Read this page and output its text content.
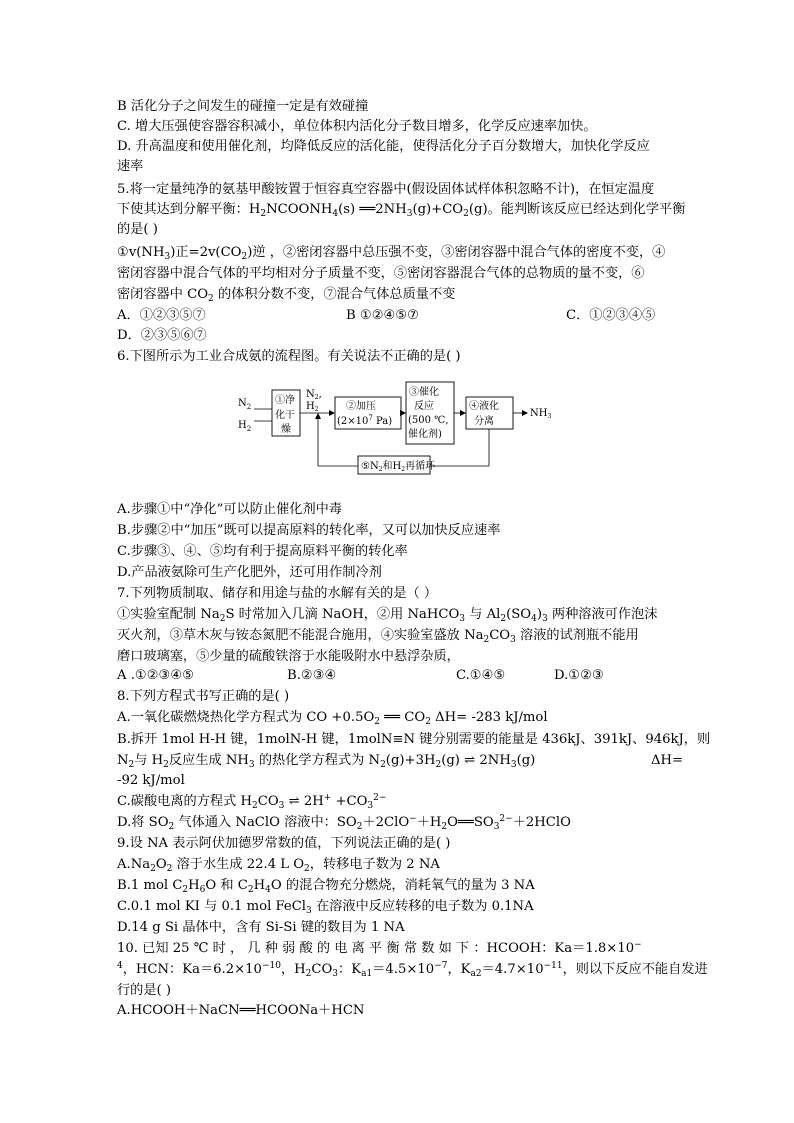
B 活化分子之间发生的碰撞一定是有效碰撞
C. 增大压强使容器容积减小，单位体积内活化分子数目增多，化学反应速率加快。
D. 升高温度和使用催化剂，均降低反应的活化能，使得活化分子百分数增大，加快化学反应
速率
5.将一定量纯净的氨基甲酸铵置于恒容真空容器中(假设固体试样体积忽略不计)，在恒定温度
下使其达到分解平衡：$H_2NCOONH_4(s)$ $══2NH_3(g)+CO_2(g)$。能判断该反应已经达到化学平衡
的是( )
$①v(NH_3)$正$=2v(CO_2)$逆 ，②密闭容器中总压强不变，③密闭容器中混合气体的密度不变，④
密闭容器中混合气体的平均相对分子质量不变，⑤密闭容器混合气体的总物质的量不变，⑥
密闭容器中 $CO_2$ 的体积分数不变，⑦混合气体总质量不变
A．①②③⑤⑦	B ①②④⑤⑦	C．①②③④⑤
D．②③⑤⑥⑦
6.下图所示为工业合成氨的流程图。有关说法不正确的是( )
$N_2$
$H_2$
①净
化干
燥
$N_2$,
$H_2$	②加压
($2\times 10^7$ Pa)
③催化
反应
(500 ℃,
催化剂)
④液化
分离
$NH_3$
$⑤N_2$和$H_2$再循环
A.步骤①中“净化”可以防止催化剂中毒
B.步骤②中“加压”既可以提高原料的转化率，又可以加快反应速率
C.步骤③、④、⑤均有利于提高原料平衡的转化率
D.产品液氨除可生产化肥外，还可用作制冷剂
7.下列物质制取、储存和用途与盐的水解有关的是（ ）
①实验室配制 $Na_2S$ 时常加入几滴 NaOH，②用 NaHCO$_3$ 与 $Al_2(SO_4)_3$ 两种溶液可作泡沫
灭火剂，③草木灰与铵态氮肥不能混合施用，④实验室盛放 $Na_2CO_3$ 溶液的试剂瓶不能用
磨口玻璃塞，⑤少量的硫酸铁溶于水能吸附水中悬浮杂质，
A .①②③④⑤	B.②③④	C.①④⑤	D.①②③
8.下列方程式书写正确的是( )
A.一氧化碳燃烧热化学方程式为 CO $+0.5O_2$ ══ $CO_2$ ΔH= -283 kJ/mol
B.拆开 1mol H-H 键，1molN-H 键，1molN≡N 键分别需要的能量是 436kJ、391kJ、946kJ，则
$N_2$与 $H_2$反应生成 $NH_3$ 的热化学方程式为 $N_2(g)+3H_2(g)$ ⇌ $2NH_3(g)$	ΔH=
-92 kJ/mol
C.碳酸电离的方程式 $H_2CO_3$ ⇌ $2H^+ +CO_3^{2-}$
D.将 $SO_2$ 气体通入 NaClO 溶液中：$SO_2+2ClO^-+H_2O══SO_3^{2-}+2HClO$
9.设 NA 表示阿伏加德罗常数的值，下列说法正确的是( )
$A.Na_2O_2$ 溶于水生成 22.4 L $O_2$，转移电子数为 2 NA
B.1 mol $C_2H_6O$ 和 $C_2H_4O$ 的混合物充分燃烧，消耗氧气的量为 3 NA
C.0.1 mol KI 与 0.1 mol FeCl$_3$ 在溶液中反应转移的电子数为 0.1NA
D.14 g Si 晶体中，含有 Si-Si 键的数目为 1 NA
10. 已知 25 ℃ 时 ， 几 种 弱 酸 的 电 离 平 衡 常 数 如 下 ：HCOOH：Ka＝1.8×10−
$^4$，HCN：$Ka=6.2\times 10^{-10}$，$H_2CO_3$：$K_{a1}=4.5\times 10^{-7}$，$K_{a2}=4.7\times 10^{-11}$，则以下反应不能自发进
行的是( )
A.HCOOH＋NaCN══HCOONa＋HCN
